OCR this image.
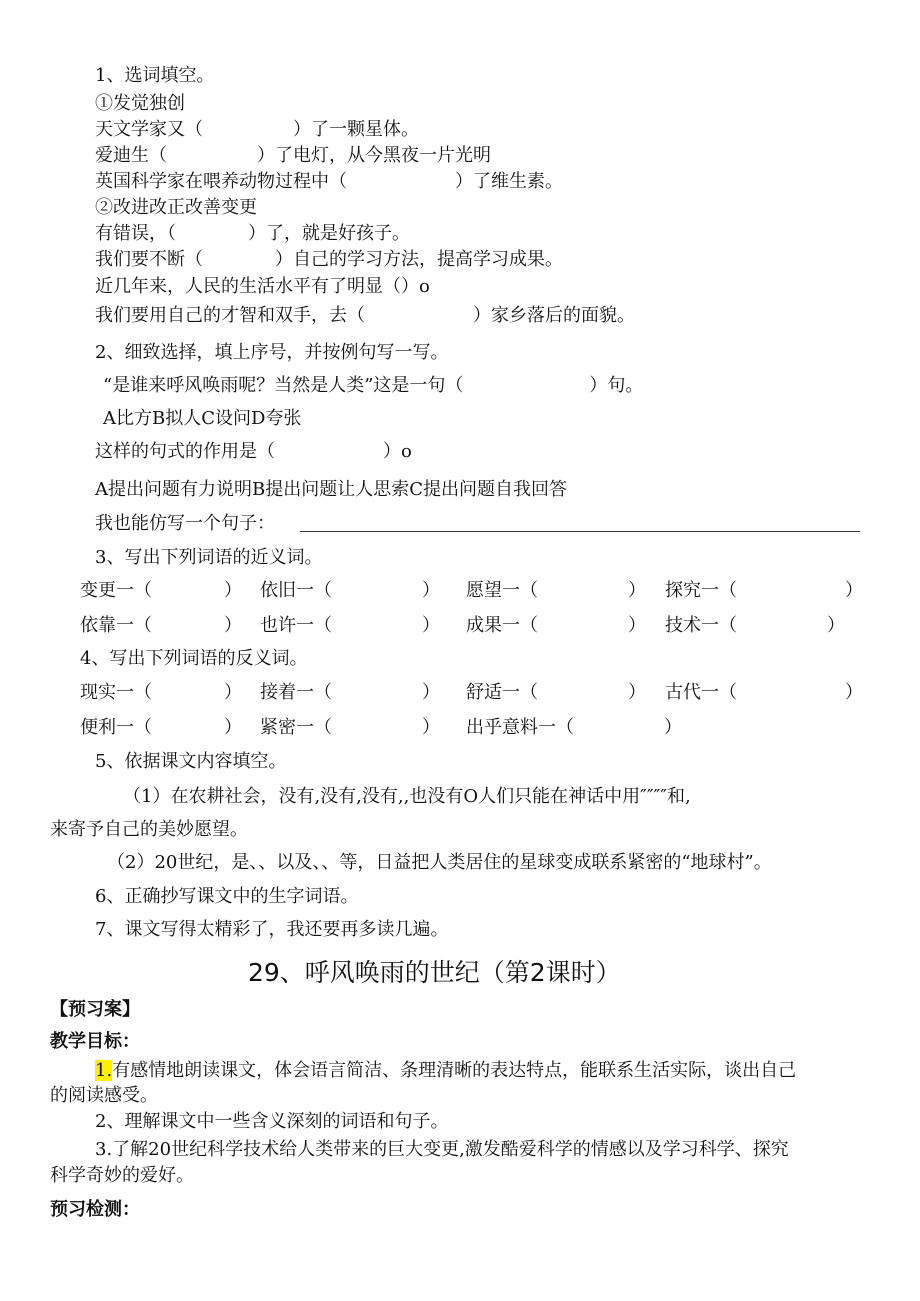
1、选词填空。
①发觉独创
天文学家又（　　　　　）了一颗星体。
爱迪生（　　　　　）了电灯，从今黑夜一片光明
英国科学家在喂养动物过程中（　　　　　　）了维生素。
②改进改正改善变更
有错误，（　　　　）了，就是好孩子。
我们要不断（　　　　）自己的学习方法，提高学习成果。
近几年来，人民的生活水平有了明显（）o
我们要用自己的才智和双手，去（　　　　　　）家乡落后的面貌。
2、细致选择，填上序号，并按例句写一写。
“是谁来呼风唤雨呢？当然是人类”这是一句（　　　　　　　）句。
A比方B拟人C设问D夸张
这样的句式的作用是（　　　　　　）o
A提出问题有力说明B提出问题让人思索C提出问题自我回答
我也能仿写一个句子：
3、写出下列词语的近义词。
变更一（　　　　） 依旧一（　　　　　） 愿望一（　　　　　） 探究一（　　　　　　）
依靠一（　　　　） 也许一（　　　　　） 成果一（　　　　　） 技术一（　　　　　）
4、写出下列词语的反义词。
现实一（　　　　） 接着一（　　　　　） 舒适一（　　　　　） 古代一（　　　　　　）
便利一（　　　　） 紧密一（　　　　　） 出乎意料一（　　　　　）
5、依据课文内容填空。
（1）在农耕社会，没有,没有,没有,,也没有O人们只能在神话中用″″″″和,
来寄予自己的美妙愿望。
（2）20世纪，是、、以及、、等，日益把人类居住的星球变成联系紧密的“地球村”。
6、正确抄写课文中的生字词语。
7、课文写得太精彩了，我还要再多读几遍。
29、呼风唤雨的世纪（第2课时）
【预习案】
教学目标：
1.有感情地朗读课文，体会语言简洁、条理清晰的表达特点，能联系生活实际，谈出自己
的阅读感受。
2、理解课文中一些含义深刻的词语和句子。
3.了解20世纪科学技术给人类带来的巨大变更,激发酷爱科学的情感以及学习科学、探究
科学奇妙的爱好。
预习检测：
